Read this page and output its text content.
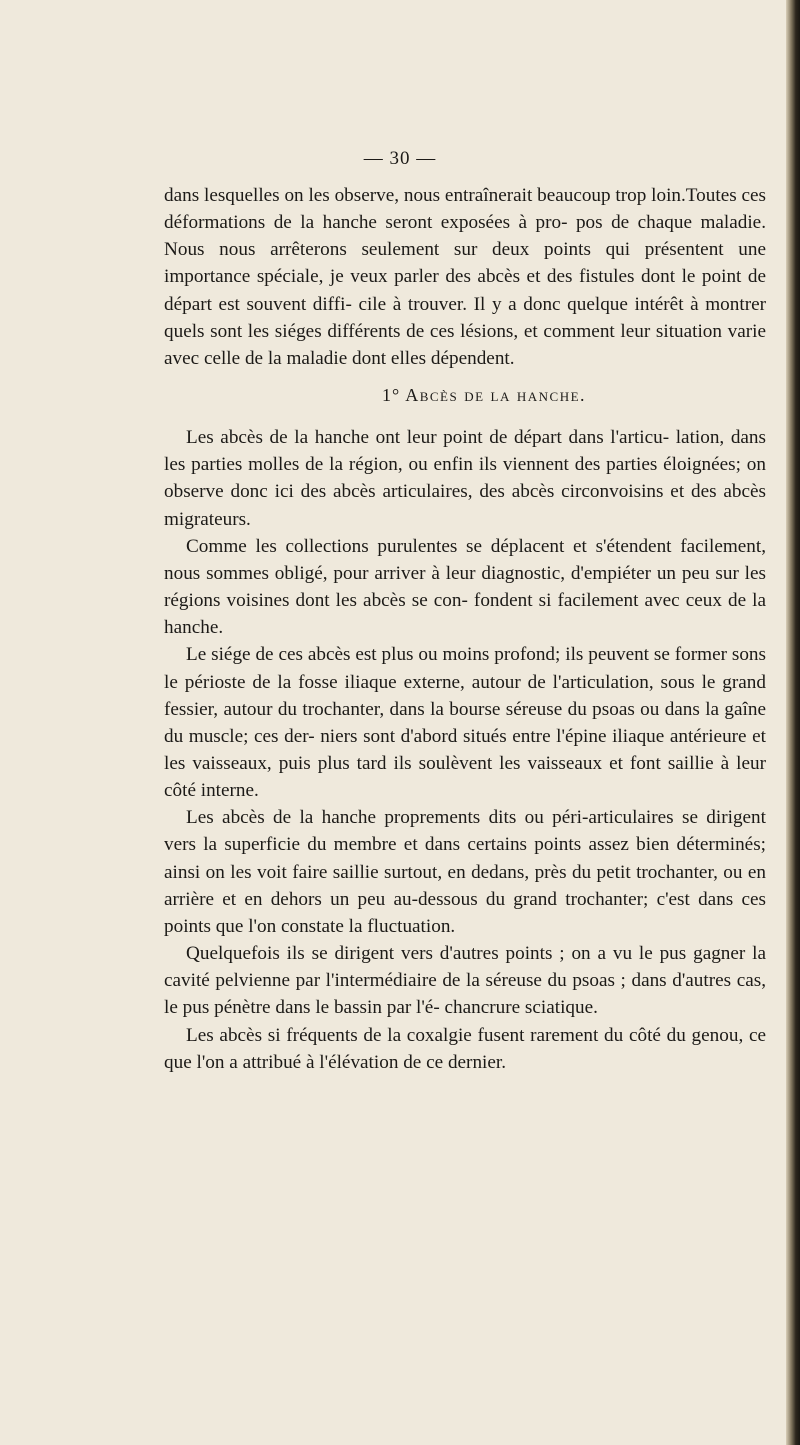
— 30 —

dans lesquelles on les observe, nous entraînerait beaucoup trop loin.Toutes ces déformations de la hanche seront exposées à pro- pos de chaque maladie. Nous nous arrêterons seulement sur deux points qui présentent une importance spéciale, je veux parler des abcès et des fistules dont le point de départ est souvent diffi- cile à trouver. Il y a donc quelque intérêt à montrer quels sont les siéges différents de ces lésions, et comment leur situation varie avec celle de la maladie dont elles dépendent.

1° Abcès de la hanche.

Les abcès de la hanche ont leur point de départ dans l'articu- lation, dans les parties molles de la région, ou enfin ils viennent des parties éloignées; on observe donc ici des abcès articulaires, des abcès circonvoisins et des abcès migrateurs.

Comme les collections purulentes se déplacent et s'étendent facilement, nous sommes obligé, pour arriver à leur diagnostic, d'empiéter un peu sur les régions voisines dont les abcès se con- fondent si facilement avec ceux de la hanche.

Le siége de ces abcès est plus ou moins profond; ils peuvent se former sons le périoste de la fosse iliaque externe, autour de l'articulation, sous le grand fessier, autour du trochanter, dans la bourse séreuse du psoas ou dans la gaîne du muscle; ces der- niers sont d'abord situés entre l'épine iliaque antérieure et les vaisseaux, puis plus tard ils soulèvent les vaisseaux et font saillie à leur côté interne.

Les abcès de la hanche proprements dits ou péri-articulaires se dirigent vers la superficie du membre et dans certains points assez bien déterminés; ainsi on les voit faire saillie surtout, en dedans, près du petit trochanter, ou en arrière et en dehors un peu au-dessous du grand trochanter; c'est dans ces points que l'on constate la fluctuation.

Quelquefois ils se dirigent vers d'autres points ; on a vu le pus gagner la cavité pelvienne par l'intermédiaire de la séreuse du psoas ; dans d'autres cas, le pus pénètre dans le bassin par l'é- chancrure sciatique.

Les abcès si fréquents de la coxalgie fusent rarement du côté du genou, ce que l'on a attribué à l'élévation de ce dernier.
